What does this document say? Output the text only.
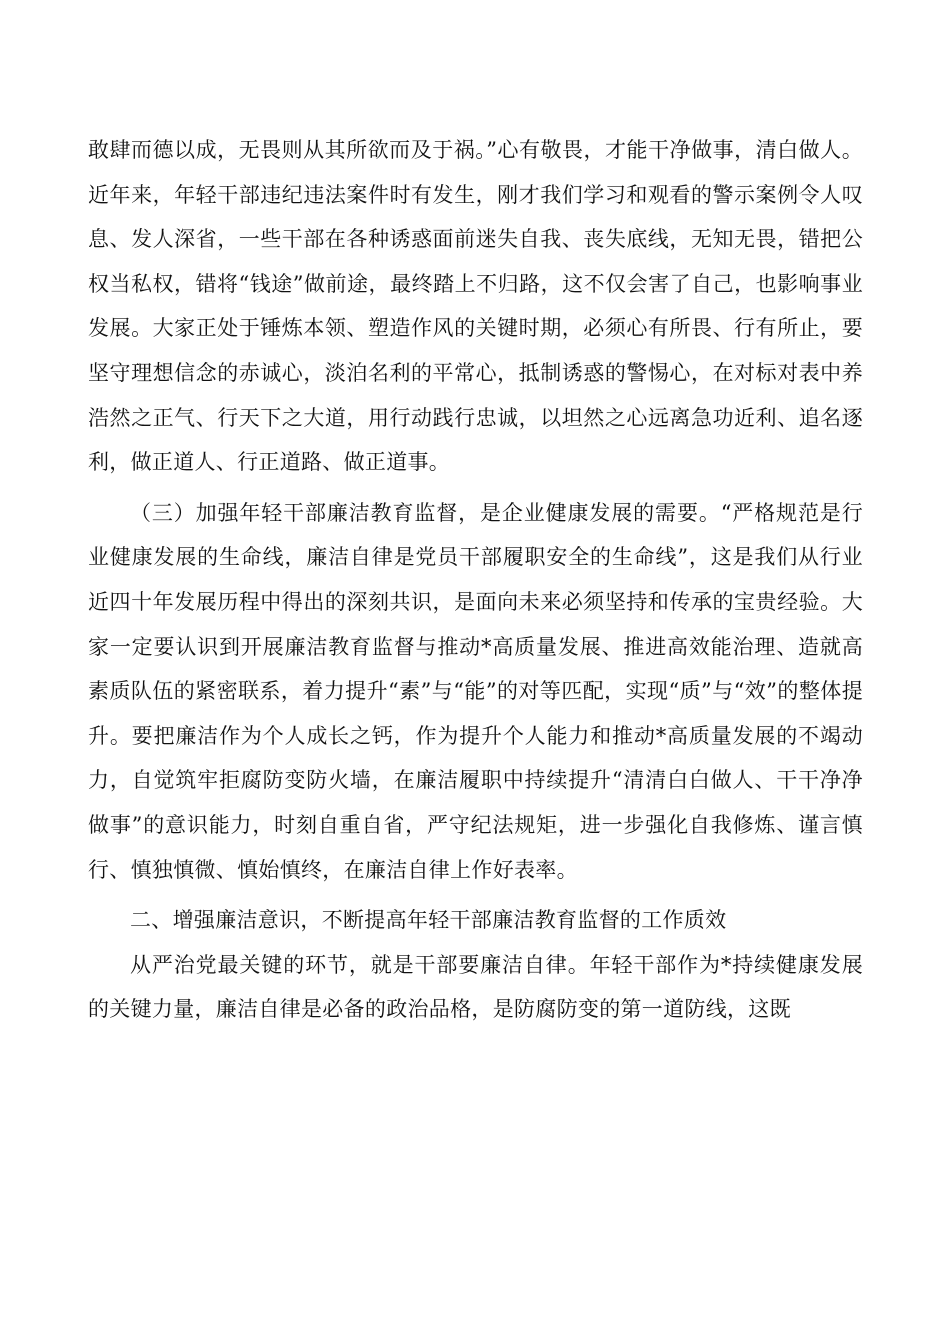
敢肆而德以成，无畏则从其所欲而及于祸。”心有敬畏，才能干净做事，清白做人。近年来，年轻干部违纪违法案件时有发生，刚才我们学习和观看的警示案例令人叹息、发人深省，一些干部在各种诱惑面前迷失自我、丧失底线，无知无畏，错把公权当私权，错将“钱途”做前途，最终踏上不归路，这不仅会害了自己，也影响事业发展。大家正处于锤炼本领、塑造作风的关键时期，必须心有所畏、行有所止，要坚守理想信念的赤诚心，淡泊名利的平常心，抵制诱惑的警惕心，在对标对表中养浩然之正气、行天下之大道，用行动践行忠诚，以坦然之心远离急功近利、追名逐利，做正道人、行正道路、做正道事。

（三）加强年轻干部廉洁教育监督，是企业健康发展的需要。“严格规范是行业健康发展的生命线，廉洁自律是党员干部履职安全的生命线”，这是我们从行业近四十年发展历程中得出的深刻共识，是面向未来必须坚持和传承的宝贵经验。大家一定要认识到开展廉洁教育监督与推动*高质量发展、推进高效能治理、造就高素质队伍的紧密联系，着力提升“素”与“能”的对等匹配，实现“质”与“效”的整体提升。要把廉洁作为个人成长之钙，作为提升个人能力和推动*高质量发展的不竭动力，自觉筑牢拒腐防变防火墙，在廉洁履职中持续提升“清清白白做人、干干净净做事”的意识能力，时刻自重自省，严守纪法规矩，进一步强化自我修炼、谨言慎行、慎独慎微、慎始慎终，在廉洁自律上作好表率。

二、增强廉洁意识，不断提高年轻干部廉洁教育监督的工作质效

从严治党最关键的环节，就是干部要廉洁自律。年轻干部作为*持续健康发展的关键力量，廉洁自律是必备的政治品格，是防腐防变的第一道防线，这既
